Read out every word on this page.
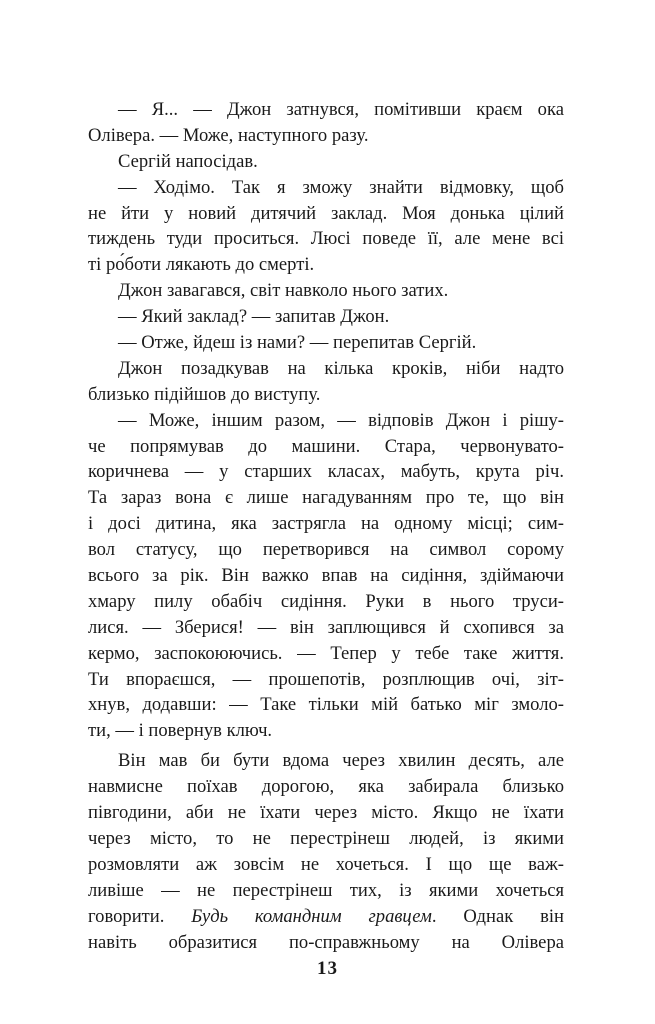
— Я... — Джон затнувся, помітивши краєм ока
Олівера. — Може, наступного разу.
Сергій напосідав.
— Ходімо. Так я зможу знайти відмовку, щоб
не йти у новий дитячий заклад. Моя донька цілий
тиждень туди проситься. Люсі поведе її, але мене всі
ті ро́боти лякають до смерті.
Джон завагався, світ навколо нього затих.
— Який заклад? — запитав Джон.
— Отже, йдеш із нами? — перепитав Сергій.
Джон позадкував на кілька кроків, ніби надто
близько підійшов до виступу.
— Може, іншим разом, — відповів Джон і рішу-
че попрямував до машини. Стара, червонувато-
коричнева — у старших класах, мабуть, крута річ.
Та зараз вона є лише нагадуванням про те, що він
і досі дитина, яка застрягла на одному місці; сим-
вол статусу, що перетворився на символ сорому
всього за рік. Він важко впав на сидіння, здіймаючи
хмару пилу обабіч сидіння. Руки в нього труси-
лися. — Зберися! — він заплющився й схопився за
кермо, заспокоюючись. — Тепер у тебе таке життя.
Ти впораєшся, — прошепотів, розплющив очі, зіт-
хнув, додавши: — Таке тільки мій батько міг змоло-
ти, — і повернув ключ.
Він мав би бути вдома через хвилин десять, але
навмисне поїхав дорогою, яка забирала близько
півгодини, аби не їхати через місто. Якщо не їхати
через місто, то не перестрінеш людей, із якими
розмовляти аж зовсім не хочеться. І що ще важ-
ливіше — не перестрінеш тих, із якими хочеться
говорити. Будь командним гравцем. Однак він
навіть образитися по-справжньому на Олівера
13
